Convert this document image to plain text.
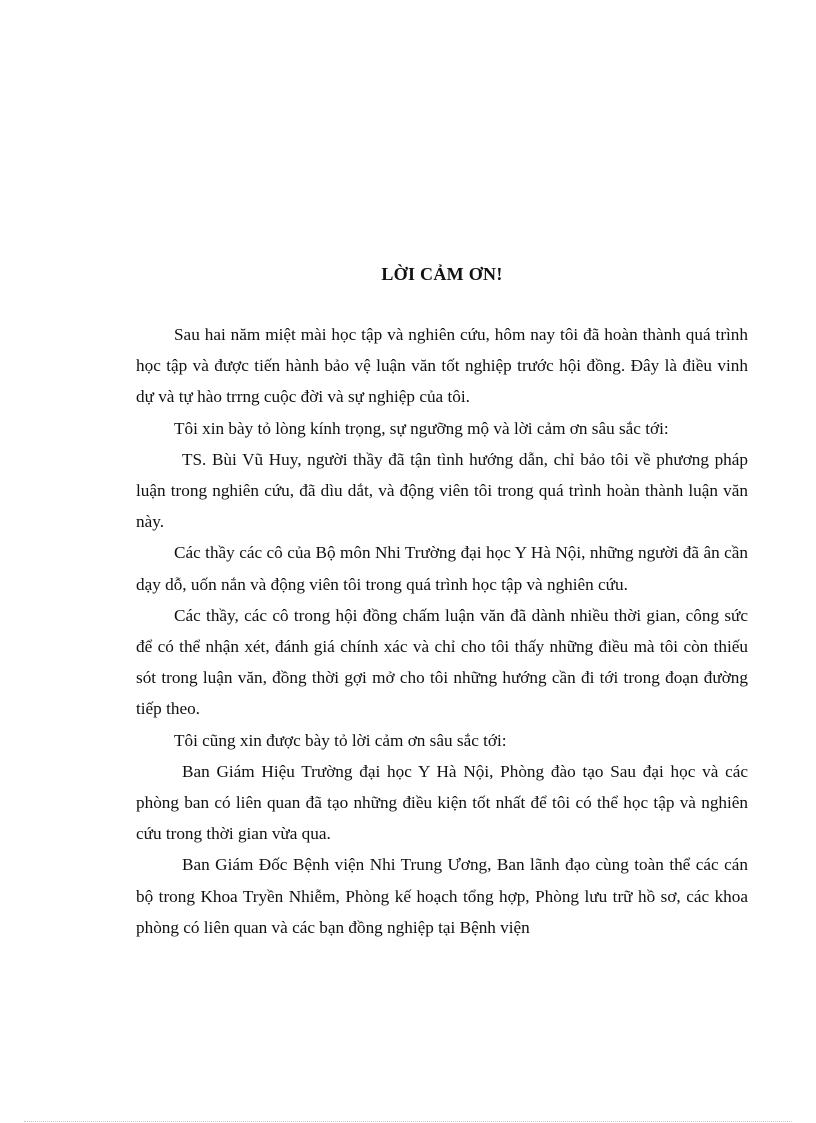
LỜI CẢM ƠN!

Sau hai năm miệt mài học tập và nghiên cứu, hôm nay tôi đã hoàn thành quá trình học tập và được tiến hành bảo vệ luận văn tốt nghiệp trước hội đồng. Đây là điều vinh dự và tự hào trrng cuộc đời và sự nghiệp của tôi.

Tôi xin bày tỏ lòng kính trọng, sự ngưỡng mộ và lời cảm ơn sâu sắc tới:

TS. Bùi Vũ Huy, người thầy đã tận tình hướng dẫn, chỉ bảo tôi về phương pháp luận trong nghiên cứu, đã dìu dắt, và động viên tôi trong quá trình hoàn thành luận văn này.

Các thầy các cô của Bộ môn Nhi Trường đại học Y Hà Nội, những người đã ân cần dạy dỗ, uốn nắn và động viên tôi trong quá trình học tập và nghiên cứu.

Các thầy, các cô trong hội đồng chấm luận văn đã dành nhiều thời gian, công sức để có thể nhận xét, đánh giá chính xác và chỉ cho tôi thấy những điều mà tôi còn thiếu sót trong luận văn, đồng thời gợi mở cho tôi những hướng cần đi tới trong đoạn đường tiếp theo.

Tôi cũng xin được bày tỏ lời cảm ơn sâu sắc tới:

Ban Giám Hiệu Trường đại học Y Hà Nội, Phòng đào tạo Sau đại học và các phòng ban có liên quan đã tạo những điều kiện tốt nhất để tôi có thể học tập và nghiên cứu trong thời gian vừa qua.

Ban Giám Đốc Bệnh viện Nhi Trung Ương, Ban lãnh đạo cùng toàn thể các cán bộ trong Khoa Tryền Nhiễm, Phòng kế hoạch tổng hợp, Phòng lưu trữ hồ sơ, các khoa phòng có liên quan và các bạn đồng nghiệp tại Bệnh viện
